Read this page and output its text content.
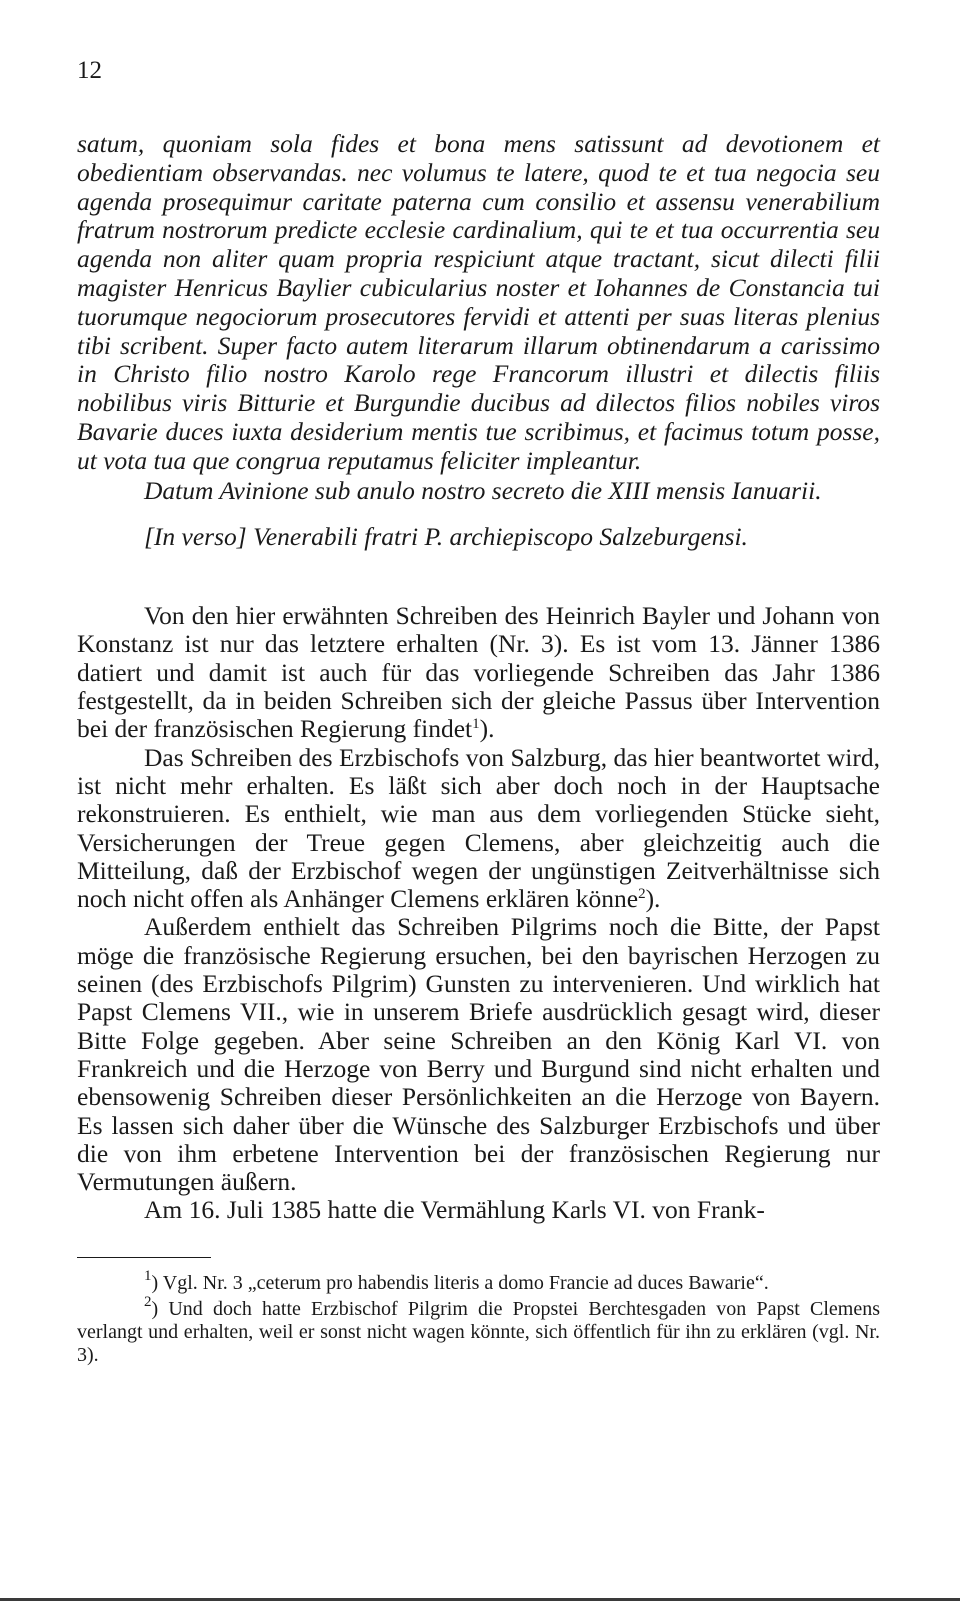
12

satum, quoniam sola fides et bona mens satissunt ad devotionem et obedientiam observandas. nec volumus te latere, quod te et tua negocia seu agenda prosequimur caritate paterna cum consilio et assensu venerabilium fratrum nostrorum predicte ecclesie cardinalium, qui te et tua occurrentia seu agenda non aliter quam propria respiciunt atque tractant, sicut dilecti filii magister Henricus Baylier cubicularius noster et Iohannes de Constancia tui tuorumque negociorum prosecutores fervidi et attenti per suas literas plenius tibi scribent. Super facto autem literarum illarum obtinendarum a carissimo in Christo filio nostro Karolo rege Francorum illustri et dilectis filiis nobilibus viris Bitturie et Burgundie ducibus ad dilectos filios nobiles viros Bavarie duces iuxta desiderium mentis tue scribimus, et facimus totum posse, ut vota tua que congrua reputamus feliciter impleantur.

Datum Avinione sub anulo nostro secreto die XIII mensis Ianuarii.

[In verso] Venerabili fratri P. archiepiscopo Salzeburgensi.

Von den hier erwähnten Schreiben des Heinrich Bayler und Johann von Konstanz ist nur das letztere erhalten (Nr. 3). Es ist vom 13. Jänner 1386 datiert und damit ist auch für das vorliegende Schreiben das Jahr 1386 festgestellt, da in beiden Schreiben sich der gleiche Passus über Intervention bei der französischen Regierung findet$^1$).

Das Schreiben des Erzbischofs von Salzburg, das hier beantwortet wird, ist nicht mehr erhalten. Es läßt sich aber doch noch in der Hauptsache rekonstruieren. Es enthielt, wie man aus dem vorliegenden Stücke sieht, Versicherungen der Treue gegen Clemens, aber gleichzeitig auch die Mitteilung, daß der Erzbischof wegen der ungünstigen Zeitverhältnisse sich noch nicht offen als Anhänger Clemens erklären könne$^2$).

Außerdem enthielt das Schreiben Pilgrims noch die Bitte, der Papst möge die französische Regierung ersuchen, bei den bayrischen Herzogen zu seinen (des Erzbischofs Pilgrim) Gunsten zu intervenieren. Und wirklich hat Papst Clemens VII., wie in unserem Briefe ausdrücklich gesagt wird, dieser Bitte Folge gegeben. Aber seine Schreiben an den König Karl VI. von Frankreich und die Herzoge von Berry und Burgund sind nicht erhalten und ebensowenig Schreiben dieser Persönlichkeiten an die Herzoge von Bayern. Es lassen sich daher über die Wünsche des Salzburger Erzbischofs und über die von ihm erbetene Intervention bei der französischen Regierung nur Vermutungen äußern.

Am 16. Juli 1385 hatte die Vermählung Karls VI. von Frank-

$^1$) Vgl. Nr. 3 „ceterum pro habendis literis a domo Francie ad duces Bawarie“.

$^2$) Und doch hatte Erzbischof Pilgrim die Propstei Berchtesgaden von Papst Clemens verlangt und erhalten, weil er sonst nicht wagen könnte, sich öffentlich für ihn zu erklären (vgl. Nr. 3).
